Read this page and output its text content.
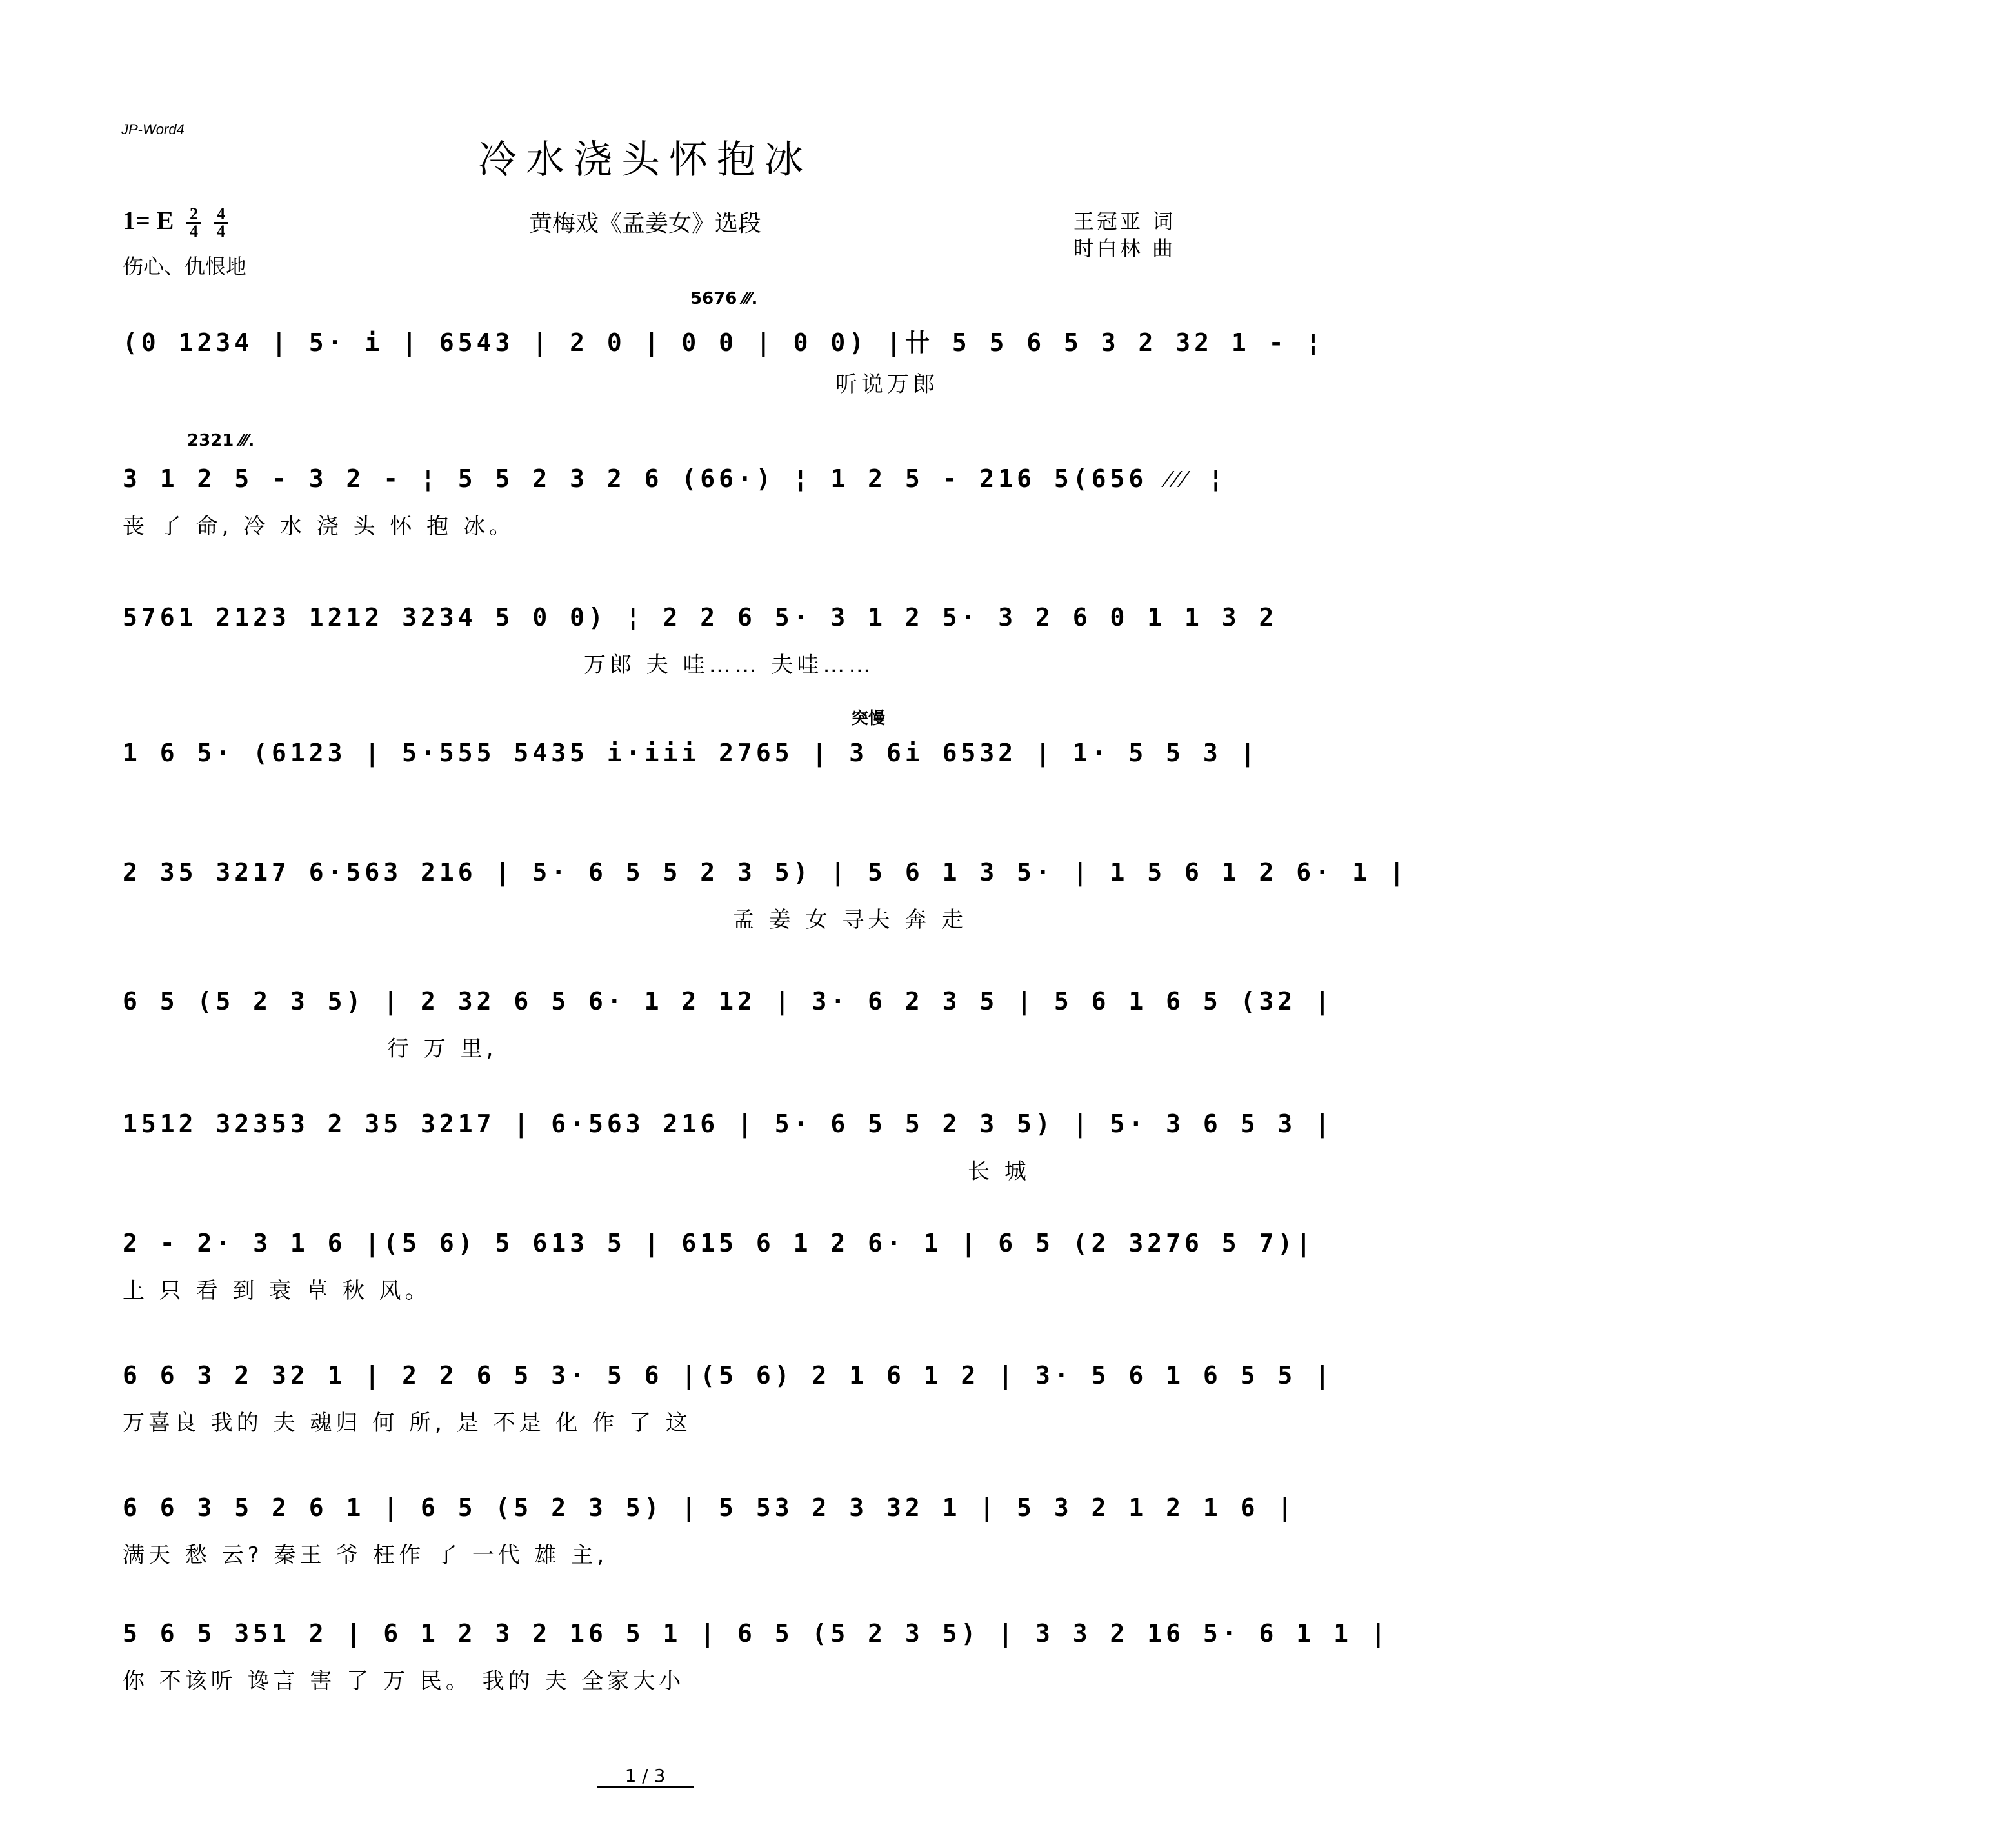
JP-Word4
冷水浇头怀抱冰
1= E $\frac{2}{4}$
$\frac{4}{4}$
伤心、仇恨地
黄梅戏《孟姜女》选段	王冠亚 词
时白林 曲
5676 ⁄⁄⁄.
(0 1234 | 5· i | 6543 | 2 0 | 0 0 | 0 0) |卄 5 5 6 5 3 2 32 1 - ¦
听说万郎
2321 ⁄⁄⁄.
3 1 2 5 - 3 2 - ¦ 5 5 2 3 2 6 (66·) ¦ 1 2 5 - 216 5(656 ⁄⁄⁄ ¦
丧 了 命, 冷 水 浇 头 怀 抱 冰。
5761 2123 1212 3234 5 0 0) ¦ 2 2 6 5· 3 1 2 5· 3 2 6 0 1 1 3 2
万郎 夫 哇…… 夫哇……
突慢
1 6 5· (6123 | 5·555 5435 i·iii 2765 | 3 6i 6532 | 1· 5 5 3 |
2 35 3217 6·563 216 | 5· 6 5 5 2 3 5) | 5 6 1 3 5· | 1 5 6 1 2 6· 1 |
孟 姜 女 寻夫 奔 走
6 5 (5 2 3 5) | 2 32 6 5 6· 1 2 12 | 3· 6 2 3 5 | 5 6 1 6 5 (32 |
行 万 里,
1512 32353 2 35 3217 | 6·563 216 | 5· 6 5 5 2 3 5) | 5· 3 6 5 3 |
长 城
2 - 2· 3 1 6 |(5 6) 5 613 5 | 615 6 1 2 6· 1 | 6 5 (2 3276 5 7)|
上 只 看 到 衰 草 秋 风。
6 6 3 2 32 1 | 2 2 6 5 3· 5 6 |(5 6) 2 1 6 1 2 | 3· 5 6 1 6 5 5 |
万喜良 我的 夫 魂归 何 所, 是 不是 化 作 了 这
6 6 3 5 2 6 1 | 6 5 (5 2 3 5) | 5 53 2 3 32 1 | 5 3 2 1 2 1 6 |
满天 愁 云? 秦王 爷 枉作 了 一代 雄 主,
5 6 5 351 2 | 6 1 2 3 2 16 5 1 | 6 5 (5 2 3 5) | 3 3 2 16 5· 6 1 1 |
你 不该听 谗言 害 了 万 民。 我的 夫 全家大小
1 / 3
